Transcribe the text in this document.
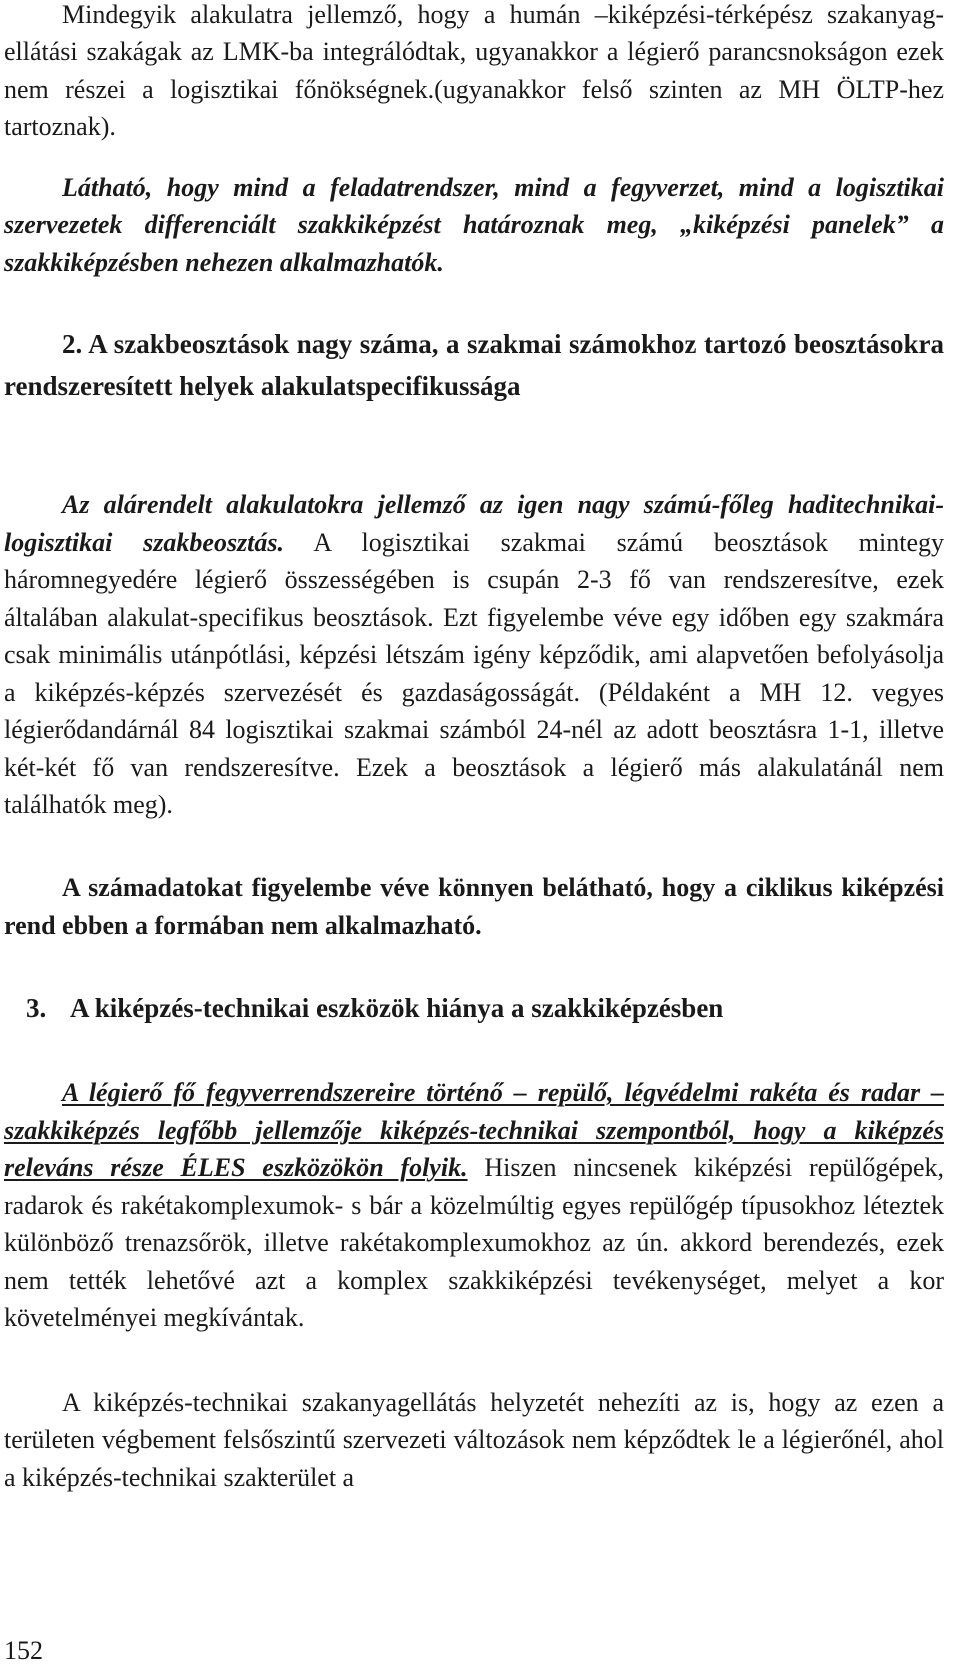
Mindegyik alakulatra jellemző, hogy a humán –kiképzési-térképész szakanyag-ellátási szakágak az LMK-ba integrálódtak, ugyanakkor a légierő parancsnokságon ezek nem részei a logisztikai főnökségnek.(ugyanakkor felső szinten az MH ÖLTP-hez tartoznak).

Látható, hogy mind a feladatrendszer, mind a fegyverzet, mind a logisztikai szervezetek differenciált szakkiképzést határoznak meg, „kiképzési panelek” a szakkiképzésben nehezen alkalmazhatók.

2. A szakbeosztások nagy száma, a szakmai számokhoz tartozó beosztásokra rendszeresített helyek alakulatspecifikussága

Az alárendelt alakulatokra jellemző az igen nagy számú-főleg haditechnikai-logisztikai szakbeosztás. A logisztikai szakmai számú beosztások mintegy háromnegyedére légierő összességében is csupán 2-3 fő van rendszeresítve, ezek általában alakulat-specifikus beosztások. Ezt figyelembe véve egy időben egy szakmára csak minimális utánpótlási, képzési létszám igény képződik, ami alapvetően befolyásolja a kiképzés-képzés szervezését és gazdaságosságát. (Példaként a MH 12. vegyes légierődandárnál 84 logisztikai szakmai számból 24-nél az adott beosztásra 1-1, illetve két-két fő van rendszeresítve. Ezek a beosztások a légierő más alakulatánál nem találhatók meg).

A számadatokat figyelembe véve könnyen belátható, hogy a ciklikus kiképzési rend ebben a formában nem alkalmazható.

3. A kiképzés-technikai eszközök hiánya a szakkiképzésben

A légierő fő fegyverrendszereire történő – repülő, légvédelmi rakéta és radar – szakkiképzés legfőbb jellemzője kiképzés-technikai szempontból, hogy a kiképzés releváns része ÉLES eszközökön folyik. Hiszen nincsenek kiképzési repülőgépek, radarok és rakétakomplexumok- s bár a közelmúltig egyes repülőgép típusokhoz léteztek különböző trenazsőrök, illetve rakétakomplexumokhoz az ún. akkord berendezés, ezek nem tették lehetővé azt a komplex szakkiképzési tevékenységet, melyet a kor követelményei megkívántak.

A kiképzés-technikai szakanyagellátás helyzetét nehezíti az is, hogy az ezen a területen végbement felsőszintű szervezeti változások nem képződtek le a légierőnél, ahol a kiképzés-technikai szakterület a

152
